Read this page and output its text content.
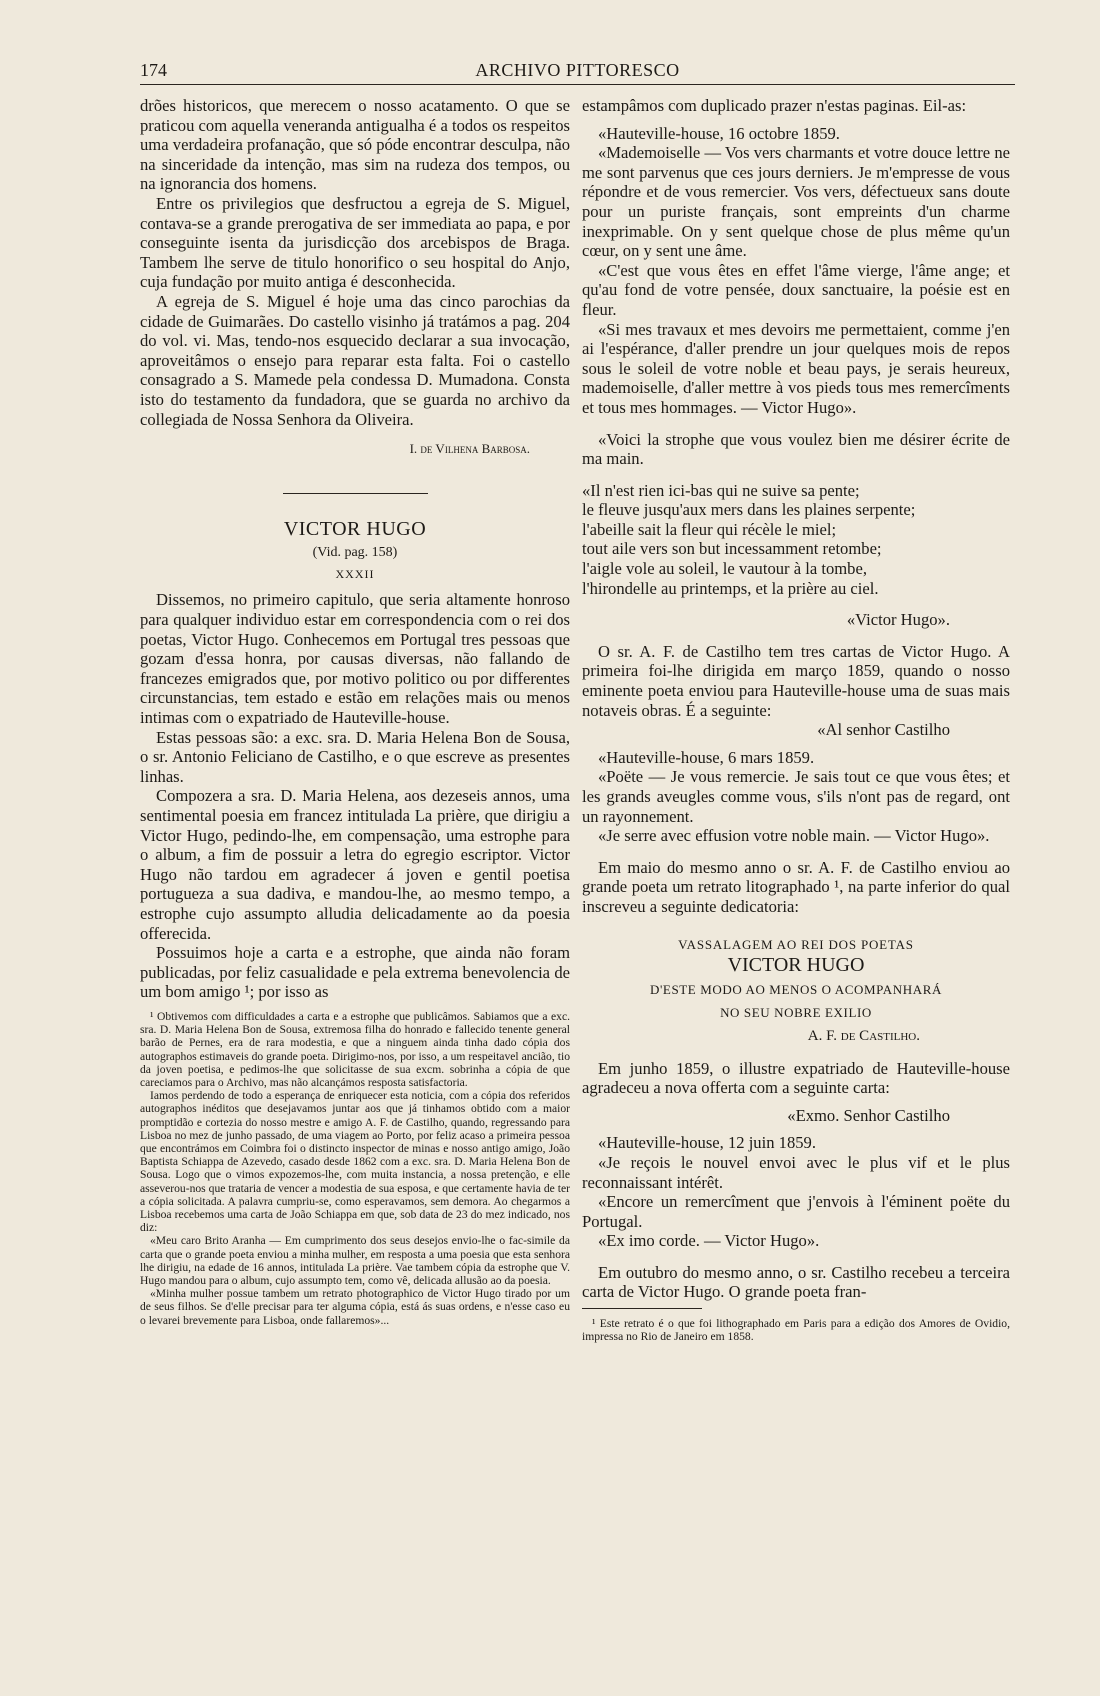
174	ARCHIVO PITTORESCO

drões historicos, que merecem o nosso acatamento. O que se praticou com aquella veneranda antigualha é a todos os respeitos uma verdadeira profanação, que só póde encontrar desculpa, não na sinceridade da intenção, mas sim na rudeza dos tempos, ou na ignorancia dos homens.

Entre os privilegios que desfructou a egreja de S. Miguel, contava-se a grande prerogativa de ser immediata ao papa, e por conseguinte isenta da jurisdicção dos arcebispos de Braga. Tambem lhe serve de titulo honorifico o seu hospital do Anjo, cuja fundação por muito antiga é desconhecida.

A egreja de S. Miguel é hoje uma das cinco parochias da cidade de Guimarães. Do castello visinho já tratámos a pag. 204 do vol. vi. Mas, tendo-nos esquecido declarar a sua invocação, aproveitâmos o ensejo para reparar esta falta. Foi o castello consagrado a S. Mamede pela condessa D. Mumadona. Consta isto do testamento da fundadora, que se guarda no archivo da collegiada de Nossa Senhora da Oliveira.

I. de Vilhena Barbosa.

VICTOR HUGO

(Vid. pag. 158)

XXXII

Dissemos, no primeiro capitulo, que seria altamente honroso para qualquer individuo estar em correspondencia com o rei dos poetas, Victor Hugo. Conhecemos em Portugal tres pessoas que gozam d'essa honra, por causas diversas, não fallando de francezes emigrados que, por motivo politico ou por differentes circunstancias, tem estado e estão em relações mais ou menos intimas com o expatriado de Hauteville-house.

Estas pessoas são: a exc. sra. D. Maria Helena Bon de Sousa, o sr. Antonio Feliciano de Castilho, e o que escreve as presentes linhas.

Compozera a sra. D. Maria Helena, aos dezeseis annos, uma sentimental poesia em francez intitulada La prière, que dirigiu a Victor Hugo, pedindo-lhe, em compensação, uma estrophe para o album, a fim de possuir a letra do egregio escriptor. Victor Hugo não tardou em agradecer á joven e gentil poetisa portugueza a sua dadiva, e mandou-lhe, ao mesmo tempo, a estrophe cujo assumpto alludia delicadamente ao da poesia offerecida.

Possuimos hoje a carta e a estrophe, que ainda não foram publicadas, por feliz casualidade e pela extrema benevolencia de um bom amigo ¹; por isso as

¹ Obtivemos com difficuldades a carta e a estrophe que publicâmos. Sabiamos que a exc. sra. D. Maria Helena Bon de Sousa, extremosa filha do honrado e fallecido tenente general barão de Pernes, era de rara modestia, e que a ninguem ainda tinha dado cópia dos autographos estimaveis do grande poeta. Dirigimo-nos, por isso, a um respeitavel ancião, tio da joven poetisa, e pedimos-lhe que solicitasse de sua excm. sobrinha a cópia de que careciamos para o Archivo, mas não alcançámos resposta satisfactoria.

Iamos perdendo de todo a esperança de enriquecer esta noticia, com a cópia dos referidos autographos inéditos que desejavamos juntar aos que já tinhamos obtido com a maior promptidão e cortezia do nosso mestre e amigo A. F. de Castilho, quando, regressando para Lisboa no mez de junho passado, de uma viagem ao Porto, por feliz acaso a primeira pessoa que encontrámos em Coimbra foi o distincto inspector de minas e nosso antigo amigo, João Baptista Schiappa de Azevedo, casado desde 1862 com a exc. sra. D. Maria Helena Bon de Sousa. Logo que o vimos expozemos-lhe, com muita instancia, a nossa pretenção, e elle asseverou-nos que trataria de vencer a modestia de sua esposa, e que certamente havia de ter a cópia solicitada. A palavra cumpriu-se, como esperavamos, sem demora. Ao chegarmos a Lisboa recebemos uma carta de João Schiappa em que, sob data de 23 do mez indicado, nos diz:

«Meu caro Brito Aranha — Em cumprimento dos seus desejos envio-lhe o fac-simile da carta que o grande poeta enviou a minha mulher, em resposta a uma poesia que esta senhora lhe dirigiu, na edade de 16 annos, intitulada La prière. Vae tambem cópia da estrophe que V. Hugo mandou para o album, cujo assumpto tem, como vê, delicada allusão ao da poesia.

«Minha mulher possue tambem um retrato photographico de Victor Hugo tirado por um de seus filhos. Se d'elle precisar para ter alguma cópia, está ás suas ordens, e n'esse caso eu o levarei brevemente para Lisboa, onde fallaremos»...

estampâmos com duplicado prazer n'estas paginas. Eil-as:

«Hauteville-house, 16 octobre 1859.

«Mademoiselle — Vos vers charmants et votre douce lettre ne me sont parvenus que ces jours derniers. Je m'empresse de vous répondre et de vous remercier. Vos vers, défectueux sans doute pour un puriste français, sont empreints d'un charme inexprimable. On y sent quelque chose de plus même qu'un cœur, on y sent une âme.

«C'est que vous êtes en effet l'âme vierge, l'âme ange; et qu'au fond de votre pensée, doux sanctuaire, la poésie est en fleur.

«Si mes travaux et mes devoirs me permettaient, comme j'en ai l'espérance, d'aller prendre un jour quelques mois de repos sous le soleil de votre noble et beau pays, je serais heureux, mademoiselle, d'aller mettre à vos pieds tous mes remercîments et tous mes hommages. — Victor Hugo».

«Voici la strophe que vous voulez bien me désirer écrite de ma main.

«Il n'est rien ici-bas qui ne suive sa pente;
le fleuve jusqu'aux mers dans les plaines serpente;
l'abeille sait la fleur qui récèle le miel;
tout aile vers son but incessamment retombe;
l'aigle vole au soleil, le vautour à la tombe,
l'hirondelle au printemps, et la prière au ciel.

«Victor Hugo».

O sr. A. F. de Castilho tem tres cartas de Victor Hugo. A primeira foi-lhe dirigida em março 1859, quando o nosso eminente poeta enviou para Hauteville-house uma de suas mais notaveis obras. É a seguinte:

«Al senhor Castilho

«Hauteville-house, 6 mars 1859.

«Poëte — Je vous remercie. Je sais tout ce que vous êtes; et les grands aveugles comme vous, s'ils n'ont pas de regard, ont un rayonnement.

«Je serre avec effusion votre noble main. — Victor Hugo».

Em maio do mesmo anno o sr. A. F. de Castilho enviou ao grande poeta um retrato litographado ¹, na parte inferior do qual inscreveu a seguinte dedicatoria:

VASSALAGEM AO REI DOS POETAS

VICTOR HUGO

D'ESTE MODO AO MENOS O ACOMPANHARÁ

NO SEU NOBRE EXILIO

A. F. de Castilho.

Em junho 1859, o illustre expatriado de Hauteville-house agradeceu a nova offerta com a seguinte carta:

«Exmo. Senhor Castilho

«Hauteville-house, 12 juin 1859.

«Je reçois le nouvel envoi avec le plus vif et le plus reconnaissant intérêt.

«Encore un remercîment que j'envois à l'éminent poëte du Portugal.

«Ex imo corde. — Victor Hugo».

Em outubro do mesmo anno, o sr. Castilho recebeu a terceira carta de Victor Hugo. O grande poeta fran-

¹ Este retrato é o que foi lithographado em Paris para a edição dos Amores de Ovidio, impressa no Rio de Janeiro em 1858.
